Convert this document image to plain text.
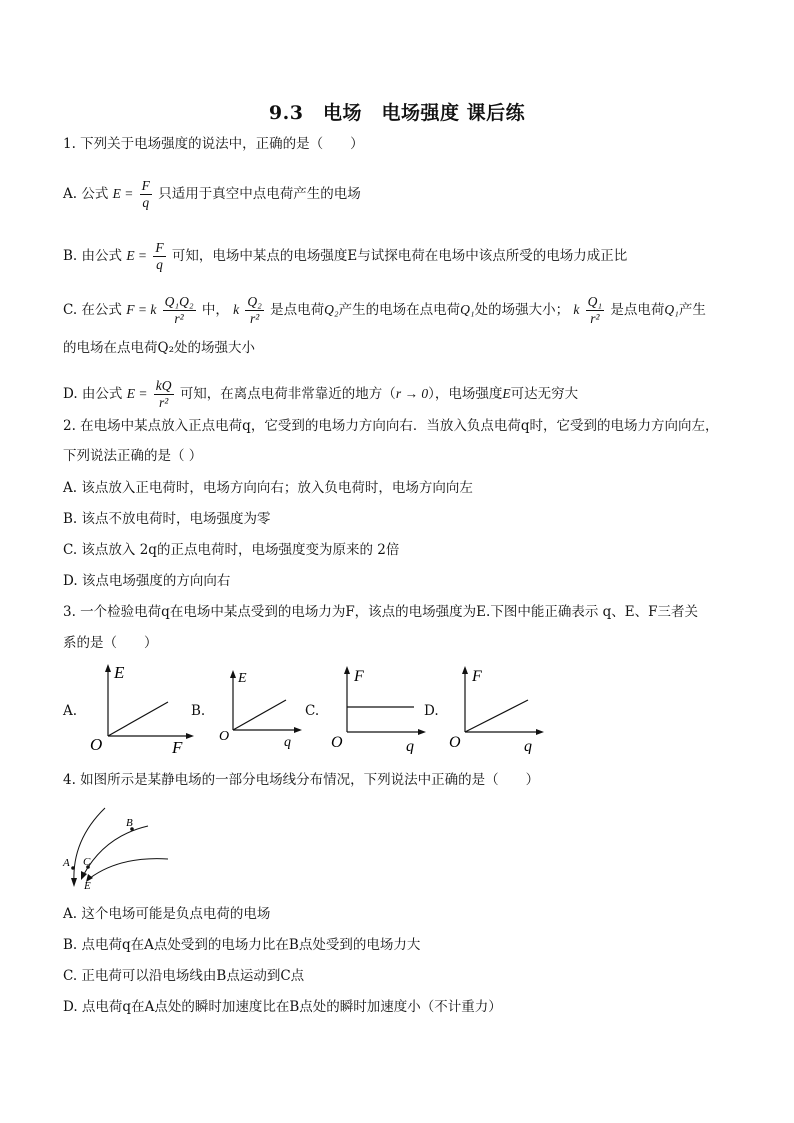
9.3　电场　电场强度 课后练
1. 下列关于电场强度的说法中，正确的是（　　）
A. 公式 $E = \frac{F}{q}$ 只适用于真空中点电荷产生的电场
B. 由公式 $E = \frac{F}{q}$ 可知，电场中某点的电场强度E与试探电荷在电场中该点所受的电场力成正比
C. 在公式 F = k $\frac{\text{Q₁Q₂}}{\text{r²}}$ 中， k $\frac{\text{Q₂}}{\text{r²}}$ 是点电荷Q₂产生的电场在点电荷Q₁处的场强大小； k $\frac{\text{Q₁}}{\text{r²}}$ 是点电荷Q₁产生
的电场在点电荷Q₂处的场强大小
D. 由公式 $E = \frac{kQ}{\text{r²}}$ 可知，在离点电荷非常靠近的地方（r → 0），电场强度E可达无穷大
2. 在电场中某点放入正点电荷q，它受到的电场力方向向右．当放入负点电荷q时，它受到的电场力方向向左，
下列说法正确的是（ ）
A. 该点放入正电荷时，电场方向向右；放入负电荷时，电场方向向左
B. 该点不放电荷时，电场强度为零
C. 该点放入 2q的正点电荷时，电场强度变为原来的 2倍
D. 该点电场强度的方向向右
3. 一个检验电荷q在电场中某点受到的电场力为F，该点的电场强度为E.下图中能正确表示 q、E、F三者关
系的是（　　）
A.
E
O	F
B.
E
O	q
C.
F
O	q
D.
F
O	q
4. 如图所示是某静电场的一部分电场线分布情况，下列说法中正确的是（　　）
A
B
C
E
A. 这个电场可能是负点电荷的电场
B. 点电荷q在A点处受到的电场力比在B点处受到的电场力大
C. 正电荷可以沿电场线由B点运动到C点
D. 点电荷q在A点处的瞬时加速度比在B点处的瞬时加速度小（不计重力）
